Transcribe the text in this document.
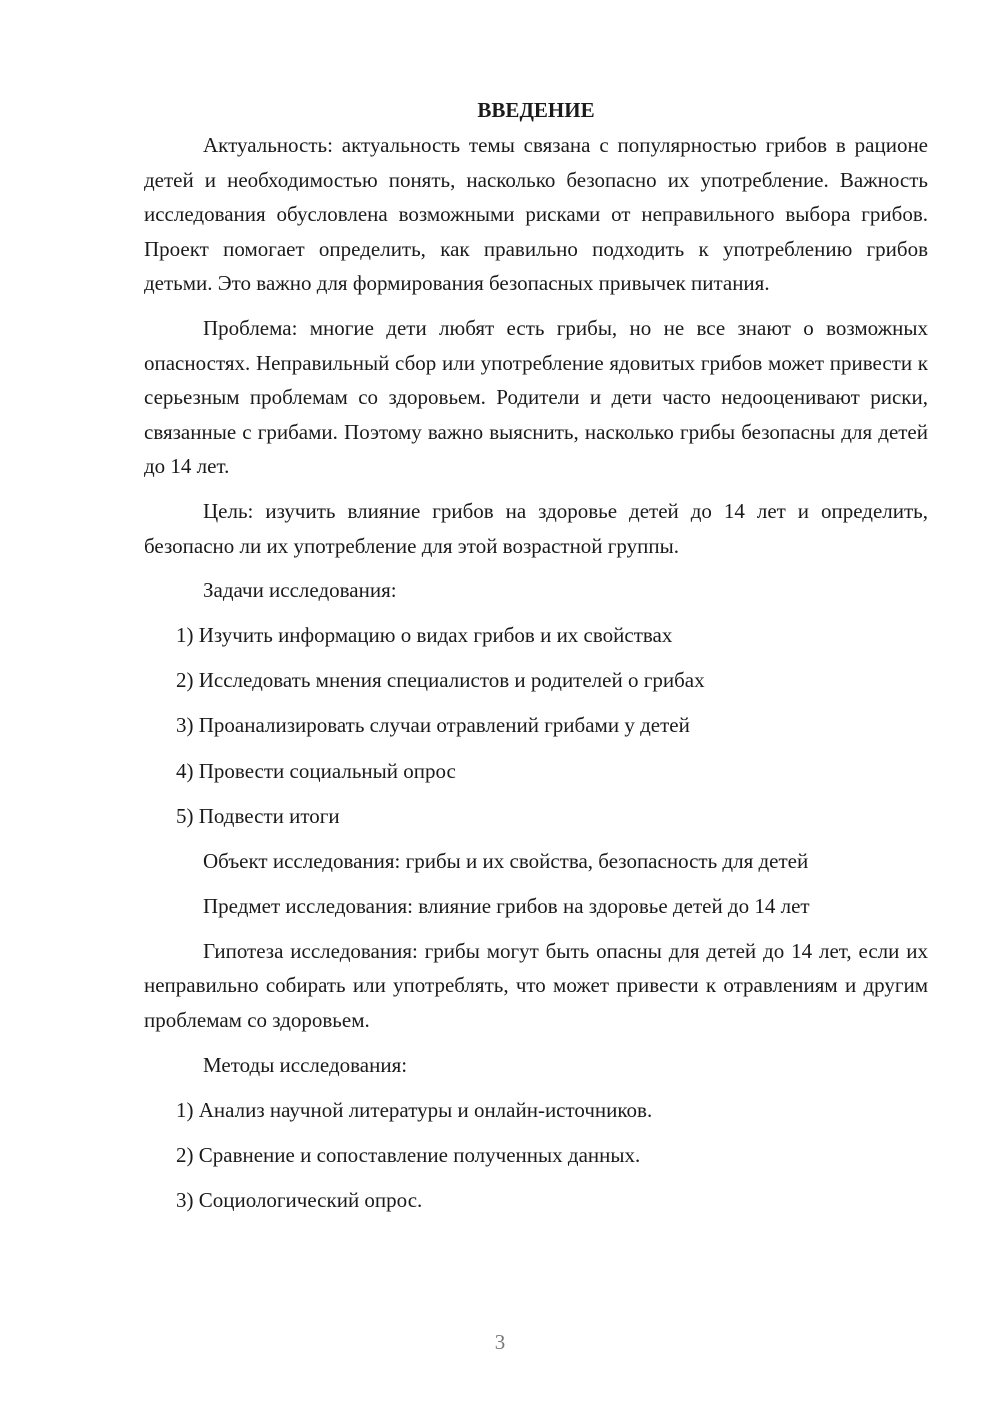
ВВЕДЕНИЕ

Актуальность: актуальность темы связана с популярностью грибов в рационе детей и необходимостью понять, насколько безопасно их употребление. Важность исследования обусловлена возможными рисками от неправильного выбора грибов. Проект помогает определить, как правильно подходить к употреблению грибов детьми. Это важно для формирования безопасных привычек питания.

Проблема: многие дети любят есть грибы, но не все знают о возможных опасностях. Неправильный сбор или употребление ядовитых грибов может привести к серьезным проблемам со здоровьем. Родители и дети часто недооценивают риски, связанные с грибами. Поэтому важно выяснить, насколько грибы безопасны для детей до 14 лет.

Цель: изучить влияние грибов на здоровье детей до 14 лет и определить, безопасно ли их употребление для этой возрастной группы.

Задачи исследования:
1) Изучить информацию о видах грибов и их свойствах
2) Исследовать мнения специалистов и родителей о грибах
3) Проанализировать случаи отравлений грибами у детей
4) Провести социальный опрос
5) Подвести итоги
Объект исследования: грибы и их свойства, безопасность для детей
Предмет исследования: влияние грибов на здоровье детей до 14 лет

Гипотеза исследования: грибы могут быть опасны для детей до 14 лет, если их неправильно собирать или употреблять, что может привести к отравлениям и другим проблемам со здоровьем.

Методы исследования:
1) Анализ научной литературы и онлайн-источников.
2) Сравнение и сопоставление полученных данных.
3) Социологический опрос.
3
